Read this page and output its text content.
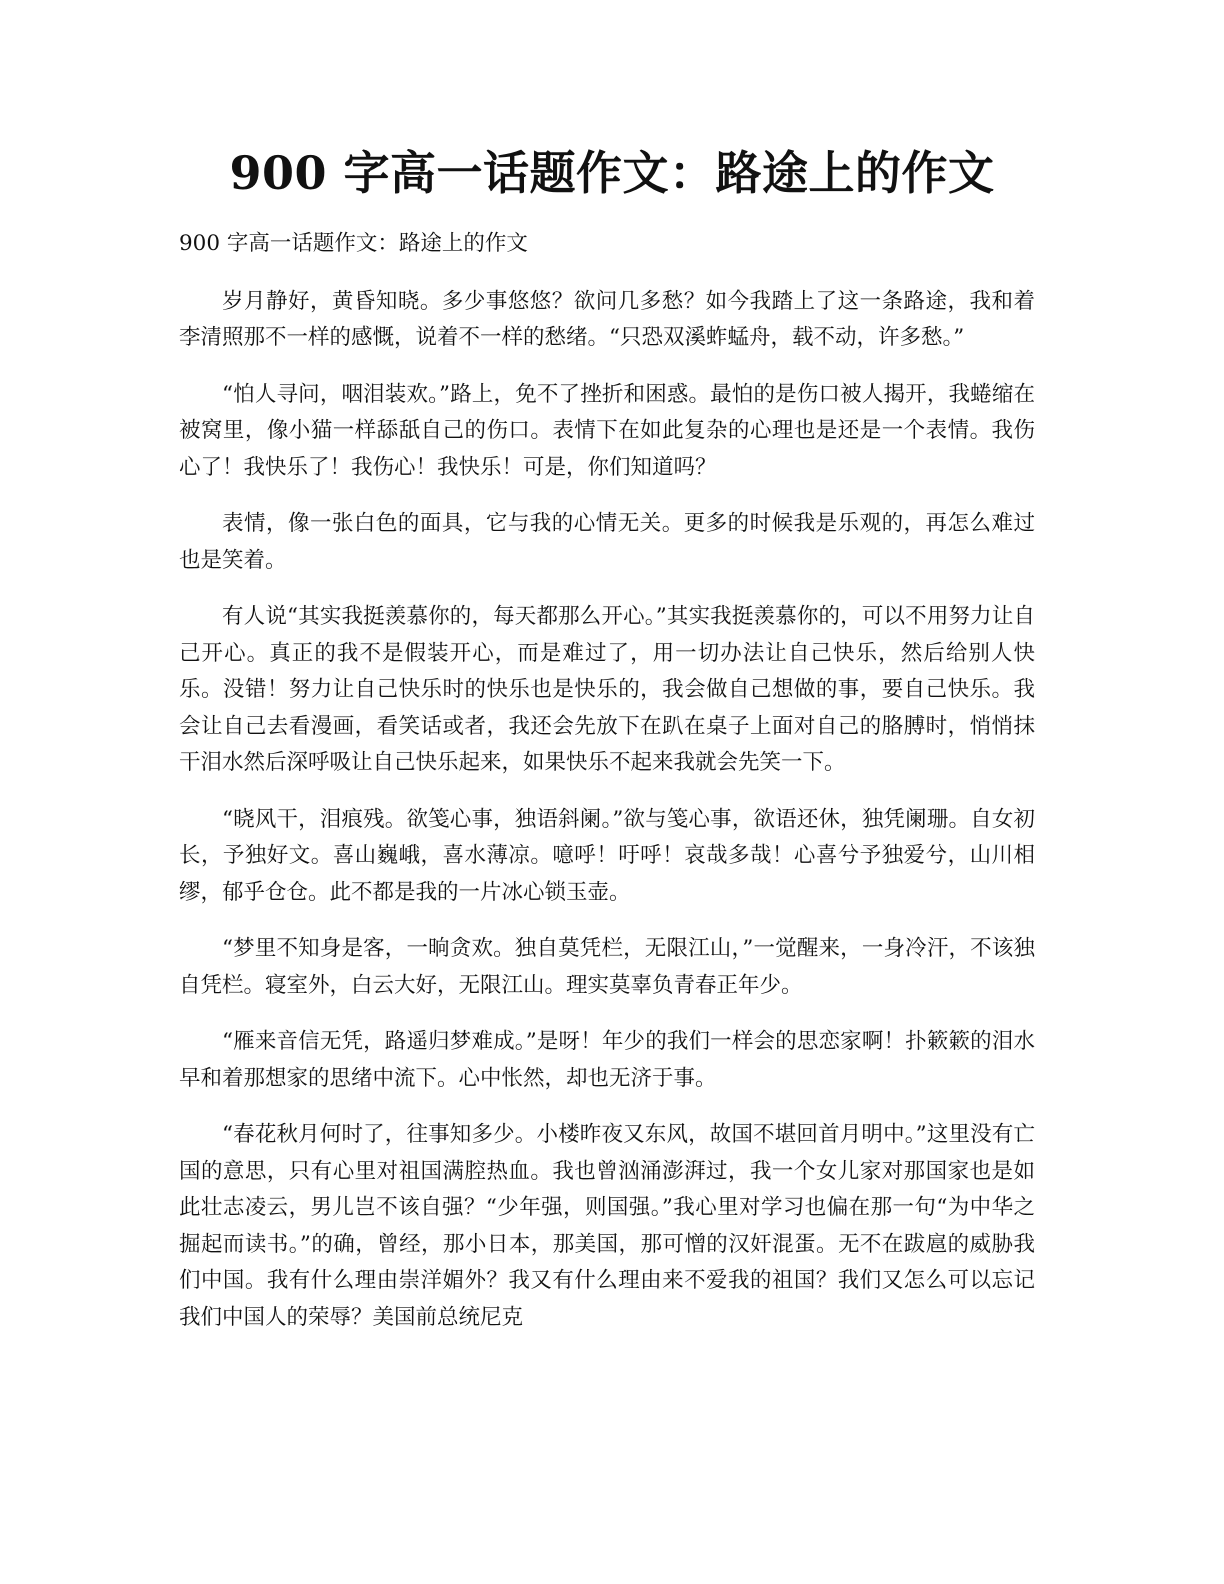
900 字高一话题作文：路途上的作文

900 字高一话题作文：路途上的作文

岁月静好，黄昏知晓。多少事悠悠？欲问几多愁？如今我踏上了这一条路途，我和着李清照那不一样的感慨，说着不一样的愁绪。“只恐双溪蚱蜢舟，载不动，许多愁。”

“怕人寻问，咽泪装欢。”路上，免不了挫折和困惑。最怕的是伤口被人揭开，我蜷缩在被窝里，像小猫一样舔舐自己的伤口。表情下在如此复杂的心理也是还是一个表情。我伤心了！我快乐了！我伤心！我快乐！可是，你们知道吗？

表情，像一张白色的面具，它与我的心情无关。更多的时候我是乐观的，再怎么难过也是笑着。

有人说“其实我挺羡慕你的，每天都那么开心。”其实我挺羡慕你的，可以不用努力让自己开心。真正的我不是假装开心，而是难过了，用一切办法让自己快乐，然后给别人快乐。没错！努力让自己快乐时的快乐也是快乐的，我会做自己想做的事，要自己快乐。我会让自己去看漫画，看笑话或者，我还会先放下在趴在桌子上面对自己的胳膊时，悄悄抹干泪水然后深呼吸让自己快乐起来，如果快乐不起来我就会先笑一下。

“晓风干，泪痕残。欲笺心事，独语斜阑。”欲与笺心事，欲语还休，独凭阑珊。自女初长，予独好文。喜山巍峨，喜水薄凉。噫呼！吁呼！哀哉多哉！心喜兮予独爱兮，山川相缪，郁乎仓仓。此不都是我的一片冰心锁玉壶。

“梦里不知身是客，一晌贪欢。独自莫凭栏，无限江山，”一觉醒来，一身冷汗，不该独自凭栏。寝室外，白云大好，无限江山。理实莫辜负青春正年少。

“雁来音信无凭，路遥归梦难成。”是呀！年少的我们一样会的思恋家啊！扑簌簌的泪水早和着那想家的思绪中流下。心中怅然，却也无济于事。

“春花秋月何时了，往事知多少。小楼昨夜又东风，故国不堪回首月明中。”这里没有亡国的意思，只有心里对祖国满腔热血。我也曾汹涌澎湃过，我一个女儿家对那国家也是如此壮志凌云，男儿岂不该自强？“少年强，则国强。”我心里对学习也偏在那一句“为中华之掘起而读书。”的确，曾经，那小日本，那美国，那可憎的汉奸混蛋。无不在跋扈的威胁我们中国。我有什么理由崇洋媚外？我又有什么理由来不爱我的祖国？我们又怎么可以忘记我们中国人的荣辱？美国前总统尼克
